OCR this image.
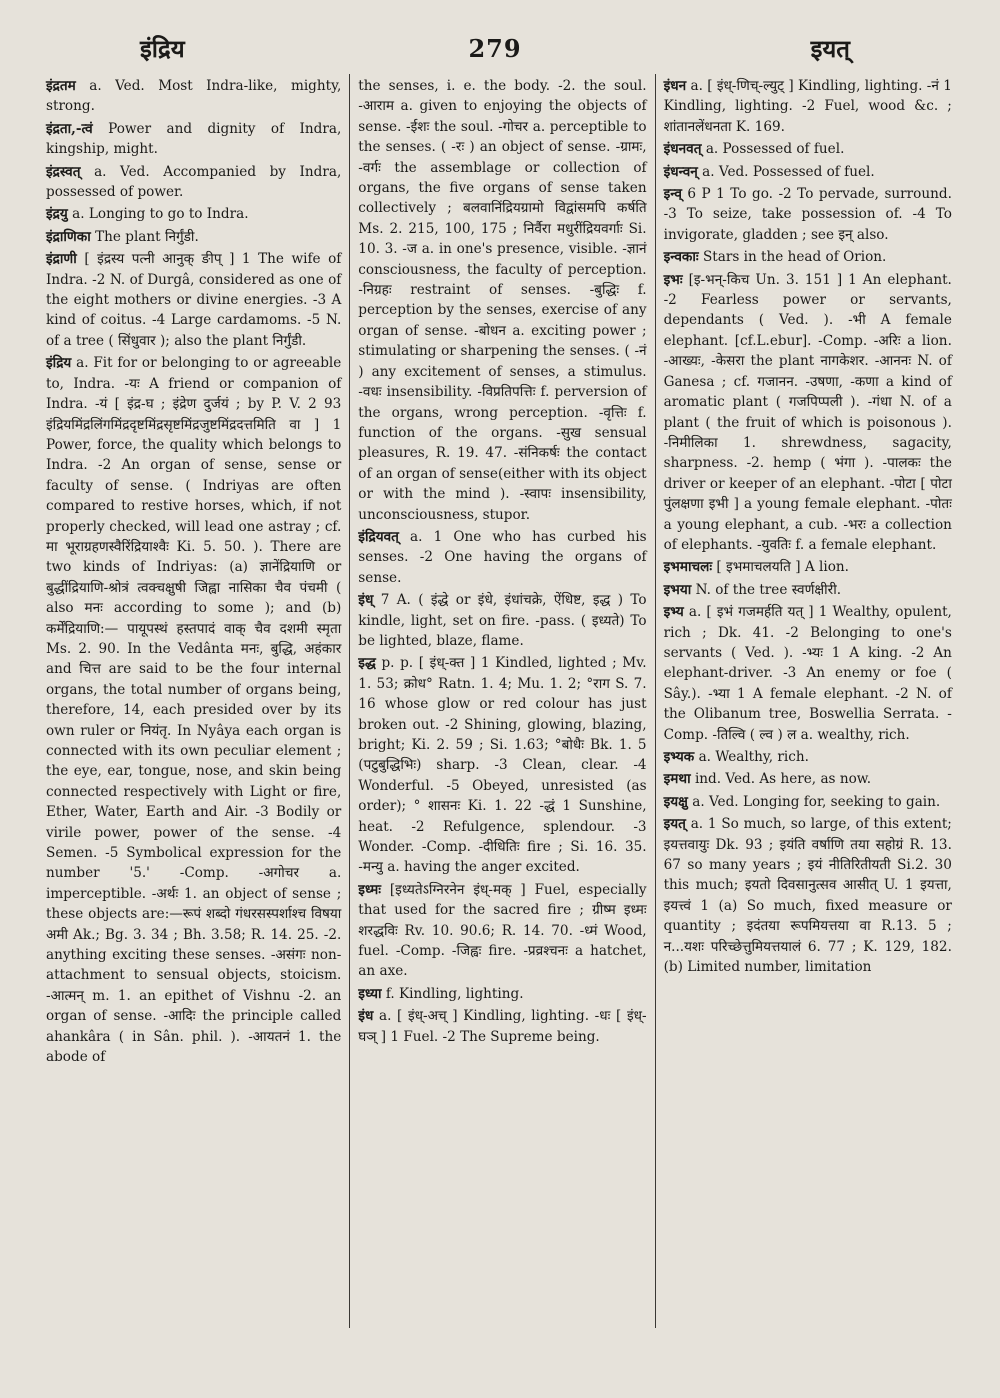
इंद्रिय	279	इयत्

इंद्रतम a. Ved. Most Indra-like, mighty, strong.

इंद्रता,-त्वं Power and dignity of Indra, kingship, might.

इंद्रस्वत् a. Ved. Accompanied by Indra, possessed of power.

इंद्रयु a. Longing to go to Indra.

इंद्राणिका The plant निर्गुंडी.

इंद्राणी [ इंद्रस्य पत्नी आनुक् ङीप् ] 1 The wife of Indra. -2 N. of Durgâ, considered as one of the eight mothers or divine energies. -3 A kind of coitus. -4 Large cardamoms. -5 N. of a tree ( सिंधुवार ); also the plant निर्गुंडी.

इंद्रिय a. Fit for or belonging to or agreeable to, Indra. -यः A friend or companion of Indra. -यं [ इंद्र-घ ; इंद्रेण दुर्जयं ; by P. V. 2 93 इंद्रियमिंद्रलिंगमिंद्रदृष्टमिंद्रसृष्टमिंद्रजुष्टमिंद्रदत्तमिति वा ] 1 Power, force, the quality which belongs to Indra. -2 An organ of sense, sense or faculty of sense. ( Indriyas are often compared to restive horses, which, if not properly checked, will lead one astray ; cf. मा भूराग्रहणस्वैरिंद्रियाश्वैः Ki. 5. 50. ). There are two kinds of Indriyas: (a) ज्ञानेंद्रियाणि or बुद्धींद्रियाणि-श्रोत्रं त्वक्चक्षुषी जिह्वा नासिका चैव पंचमी ( also मनः according to some ); and (b) कर्मेंद्रियाणि:— पायूपस्थं हस्तपादं वाक् चैव दशमी स्मृता Ms. 2. 90. In the Vedânta मनः, बुद्धि, अहंकार and चित्त are said to be the four internal organs, the total number of organs being, therefore, 14, each presided over by its own ruler or नियंतृ. In Nyâya each organ is connected with its own peculiar element ; the eye, ear, tongue, nose, and skin being connected respectively with Light or fire, Ether, Water, Earth and Air. -3 Bodily or virile power, power of the sense. -4 Semen. -5 Symbolical expression for the number '5.' -Comp. -अगोचर a. imperceptible. -अर्थः 1. an object of sense ; these objects are:—रूपं शब्दो गंधरसस्पर्शाश्च विषया अमी Ak.; Bg. 3. 34 ; Bh. 3.58; R. 14. 25. -2. anything exciting these senses. -असंगः non-attachment to sensual objects, stoicism. -आत्मन् m. 1. an epithet of Vishnu -2. an organ of sense. -आदिः the principle called ahankâra ( in Sân. phil. ). -आयतनं 1. the abode of

the senses, i. e. the body. -2. the soul. -आराम a. given to enjoying the objects of sense. -ईशः the soul. -गोचर a. perceptible to the senses. ( -रः ) an object of sense. -ग्रामः, -वर्गः the assemblage or collection of organs, the five organs of sense taken collectively ; बलवानिंद्रियग्रामो विद्वांसमपि कर्षति Ms. 2. 215, 100, 175 ; निर्वैरा मधुरींद्रियवर्गाः Si. 10. 3. -ज a. in one's presence, visible. -ज्ञानं consciousness, the faculty of perception. -निग्रहः restraint of senses. -बुद्धिः f. perception by the senses, exercise of any organ of sense. -बोधन a. exciting power ; stimulating or sharpening the senses. ( -नं ) any excitement of senses, a stimulus. -वधः insensibility. -विप्रतिपत्तिः f. perversion of the organs, wrong perception. -वृत्तिः f. function of the organs. -सुख sensual pleasures, R. 19. 47. -संनिकर्षः the contact of an organ of sense(either with its object or with the mind ). -स्वापः insensibility, unconsciousness, stupor.

इंद्रियवत् a. 1 One who has curbed his senses. -2 One having the organs of sense.

इंध् 7 A. ( इंद्धे or इंधे, इंधांचक्रे, ऐंधिष्ट, इद्ध ) To kindle, light, set on fire. -pass. ( इध्यते) To be lighted, blaze, flame.

इद्ध p. p. [ इंध्-क्त ] 1 Kindled, lighted ; Mv. 1. 53; क्रोध° Ratn. 1. 4; Mu. 1. 2; °राग S. 7. 16 whose glow or red colour has just broken out. -2 Shining, glowing, blazing, bright; Ki. 2. 59 ; Si. 1.63; °बोधैः Bk. 1. 5 (पटुबुद्धिभिः) sharp. -3 Clean, clear. -4 Wonderful. -5 Obeyed, unresisted (as order); ° शासनः Ki. 1. 22 -द्धं 1 Sunshine, heat. -2 Refulgence, splendour. -3 Wonder. -Comp. -दीधितिः fire ; Si. 16. 35. -मन्यु a. having the anger excited.

इध्मः [इध्यतेऽग्निरनेन इंध्-मक् ] Fuel, especially that used for the sacred fire ; ग्रीष्म इध्मः शरद्धविः Rv. 10. 90.6; R. 14. 70. -ध्मं Wood, fuel. -Comp. -जिह्वः fire. -प्रव्रश्चनः a hatchet, an axe.

इध्या f. Kindling, lighting.

इंध a. [ इंध्-अच् ] Kindling, lighting. -धः [ इंध्-घञ् ] 1 Fuel. -2 The Supreme being.

इंधन a. [ इंध्-णिच्-ल्युट् ] Kindling, lighting. -नं 1 Kindling, lighting. -2 Fuel, wood &c. ; शांतानलेंधनता K. 169.

इंधनवत् a. Possessed of fuel.

इंधन्वन् a. Ved. Possessed of fuel.

इन्व् 6 P 1 To go. -2 To pervade, surround. -3 To seize, take possession of. -4 To invigorate, gladden ; see इन् also.

इन्वकाः Stars in the head of Orion.

इभः [इ-भन्-किच Un. 3. 151 ] 1 An elephant. -2 Fearless power or servants, dependants ( Ved. ). -भी A female elephant. [cf.L.ebur]. -Comp. -अरिः a lion. -आख्यः, -केसरा the plant नागकेशर. -आननः N. of Ganesa ; cf. गजानन. -उषणा, -कणा a kind of aromatic plant ( गजपिप्पली ). -गंधा N. of a plant ( the fruit of which is poisonous ). -निमीलिका 1. shrewdness, sagacity, sharpness. -2. hemp ( भंगा ). -पालकः the driver or keeper of an elephant. -पोटा [ पोटा पुंलक्षणा इभी ] a young female elephant. -पोतः a young elephant, a cub. -भरः a collection of elephants. -युवतिः f. a female elephant.

इभमाचलः [ इभमाचलयति ] A lion.

इभया N. of the tree स्वर्णक्षीरी.

इभ्य a. [ इभं गजमर्हति यत् ] 1 Wealthy, opulent, rich ; Dk. 41. -2 Belonging to one's servants ( Ved. ). -भ्यः 1 A king. -2 An elephant-driver. -3 An enemy or foe ( Sây.). -भ्या 1 A female elephant. -2 N. of the Olibanum tree, Boswellia Serrata. -Comp. -तिल्वि ( ल्व ) ल a. wealthy, rich.

इभ्यक a. Wealthy, rich.

इमथा ind. Ved. As here, as now.

इयक्षु a. Ved. Longing for, seeking to gain.

इयत् a. 1 So much, so large, of this extent; इयत्तवायुः Dk. 93 ; इयंति वर्षाणि तया सहोग्रं R. 13. 67 so many years ; इयं नीतिरितीयती Si.2. 30 this much; इयतो दिवसानुत्सव आसीत् U. 1 इयत्ता, इयत्त्वं 1 (a) So much, fixed measure or quantity ; इदंतया रूपमियत्तया वा R.13. 5 ; न...यशः परिच्छेत्तुमियत्तयालं 6. 77 ; K. 129, 182. (b) Limited number, limitation
